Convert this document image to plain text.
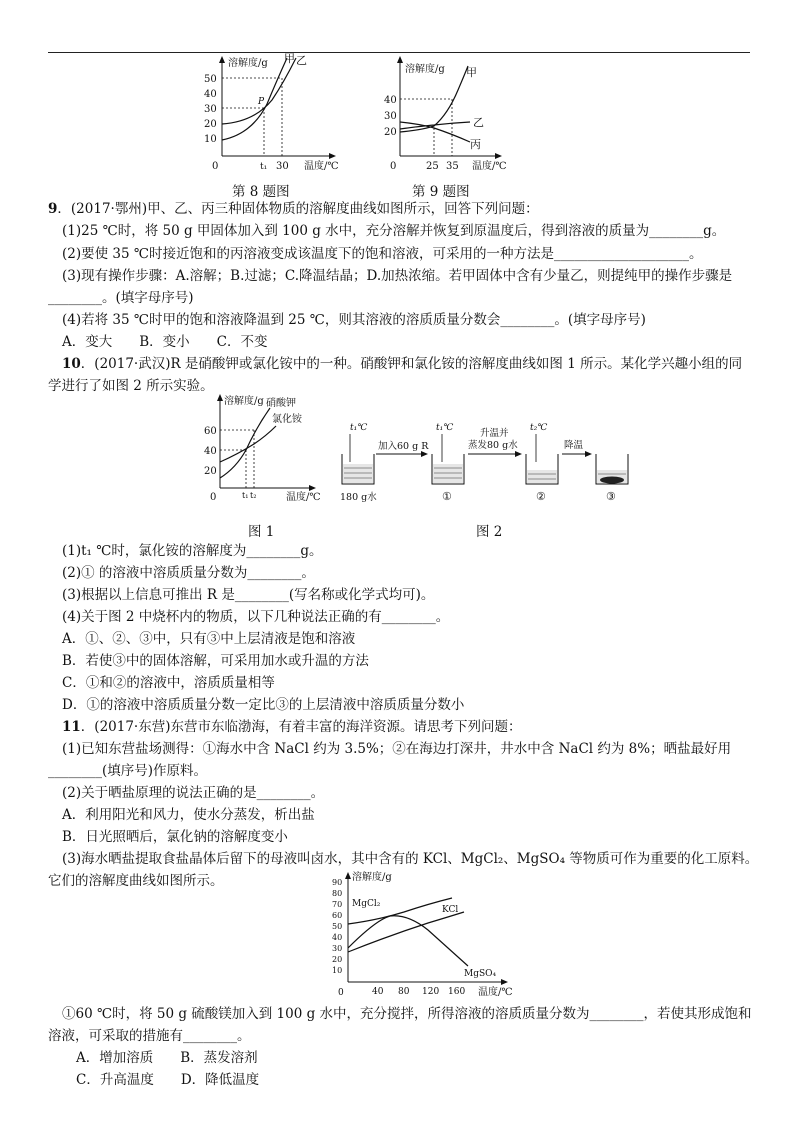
溶解度/g
温度/℃
0
50
40
30
20
10
甲 乙
P
t₁ 30
第 8 题图
溶解度/g
温度/℃
0
40
30
20
甲
乙
丙
25 35
第 9 题图
9．(2017·鄂州)甲、乙、丙三种固体物质的溶解度曲线如图所示，回答下列问题：
(1)25 ℃时，将 50 g 甲固体加入到 100 g 水中，充分溶解并恢复到原温度后，得到溶液的质量为________g。
(2)要使 35 ℃时接近饱和的丙溶液变成该温度下的饱和溶液，可采用的一种方法是____________________。
(3)现有操作步骤：A.溶解；B.过滤；C.降温结晶；D.加热浓缩。若甲固体中含有少量乙，则提纯甲的操作步骤是
________。(填字母序号)
(4)若将 35 ℃时甲的饱和溶液降温到 25 ℃，则其溶液的溶质质量分数会________。(填字母序号)
A．变大　　B．变小　　C．不变
10．(2017·武汉)R 是硝酸钾或氯化铵中的一种。硝酸钾和氯化铵的溶解度曲线如图 1 所示。某化学兴趣小组的同
学进行了如图 2 所示实验。
溶解度/g
温度/℃
0
60
40
20
硝酸钾
氯化铵
t₁ t₂
图 1
t₁℃
180 g水
加入60 g R
t₁℃
①
升温并
蒸发80 g水
t₂℃
②
降温
③
图 2
(1)t₁ ℃时，氯化铵的溶解度为________g。
(2)① 的溶液中溶质质量分数为________。
(3)根据以上信息可推出 R 是________(写名称或化学式均可)。
(4)关于图 2 中烧杯内的物质，以下几种说法正确的有________。
A．①、②、③中，只有③中上层清液是饱和溶液
B．若使③中的固体溶解，可采用加水或升温的方法
C．①和②的溶液中，溶质质量相等
D．①的溶液中溶质质量分数一定比③的上层清液中溶质质量分数小
11．(2017·东营)东营市东临渤海，有着丰富的海洋资源。请思考下列问题：
(1)已知东营盐场测得：①海水中含 NaCl 约为 3.5%；②在海边打深井，井水中含 NaCl 约为 8%；晒盐最好用
________(填序号)作原料。
(2)关于晒盐原理的说法正确的是________。
A．利用阳光和风力，使水分蒸发，析出盐
B．日光照晒后，氯化钠的溶解度变小
(3)海水晒盐提取食盐晶体后留下的母液叫卤水，其中含有的 KCl、MgCl₂、MgSO₄ 等物质可作为重要的化工原料。
它们的溶解度曲线如图所示。	溶解度/g
温度/℃
0
90
80
70
60
50
40
30
20
10
MgCl₂
KCl
MgSO₄
40 80 120 160
①60 ℃时，将 50 g 硫酸镁加入到 100 g 水中，充分搅拌，所得溶液的溶质质量分数为________，若使其形成饱和
溶液，可采取的措施有________。
A．增加溶质　　B．蒸发溶剂
C．升高温度　　D．降低温度
